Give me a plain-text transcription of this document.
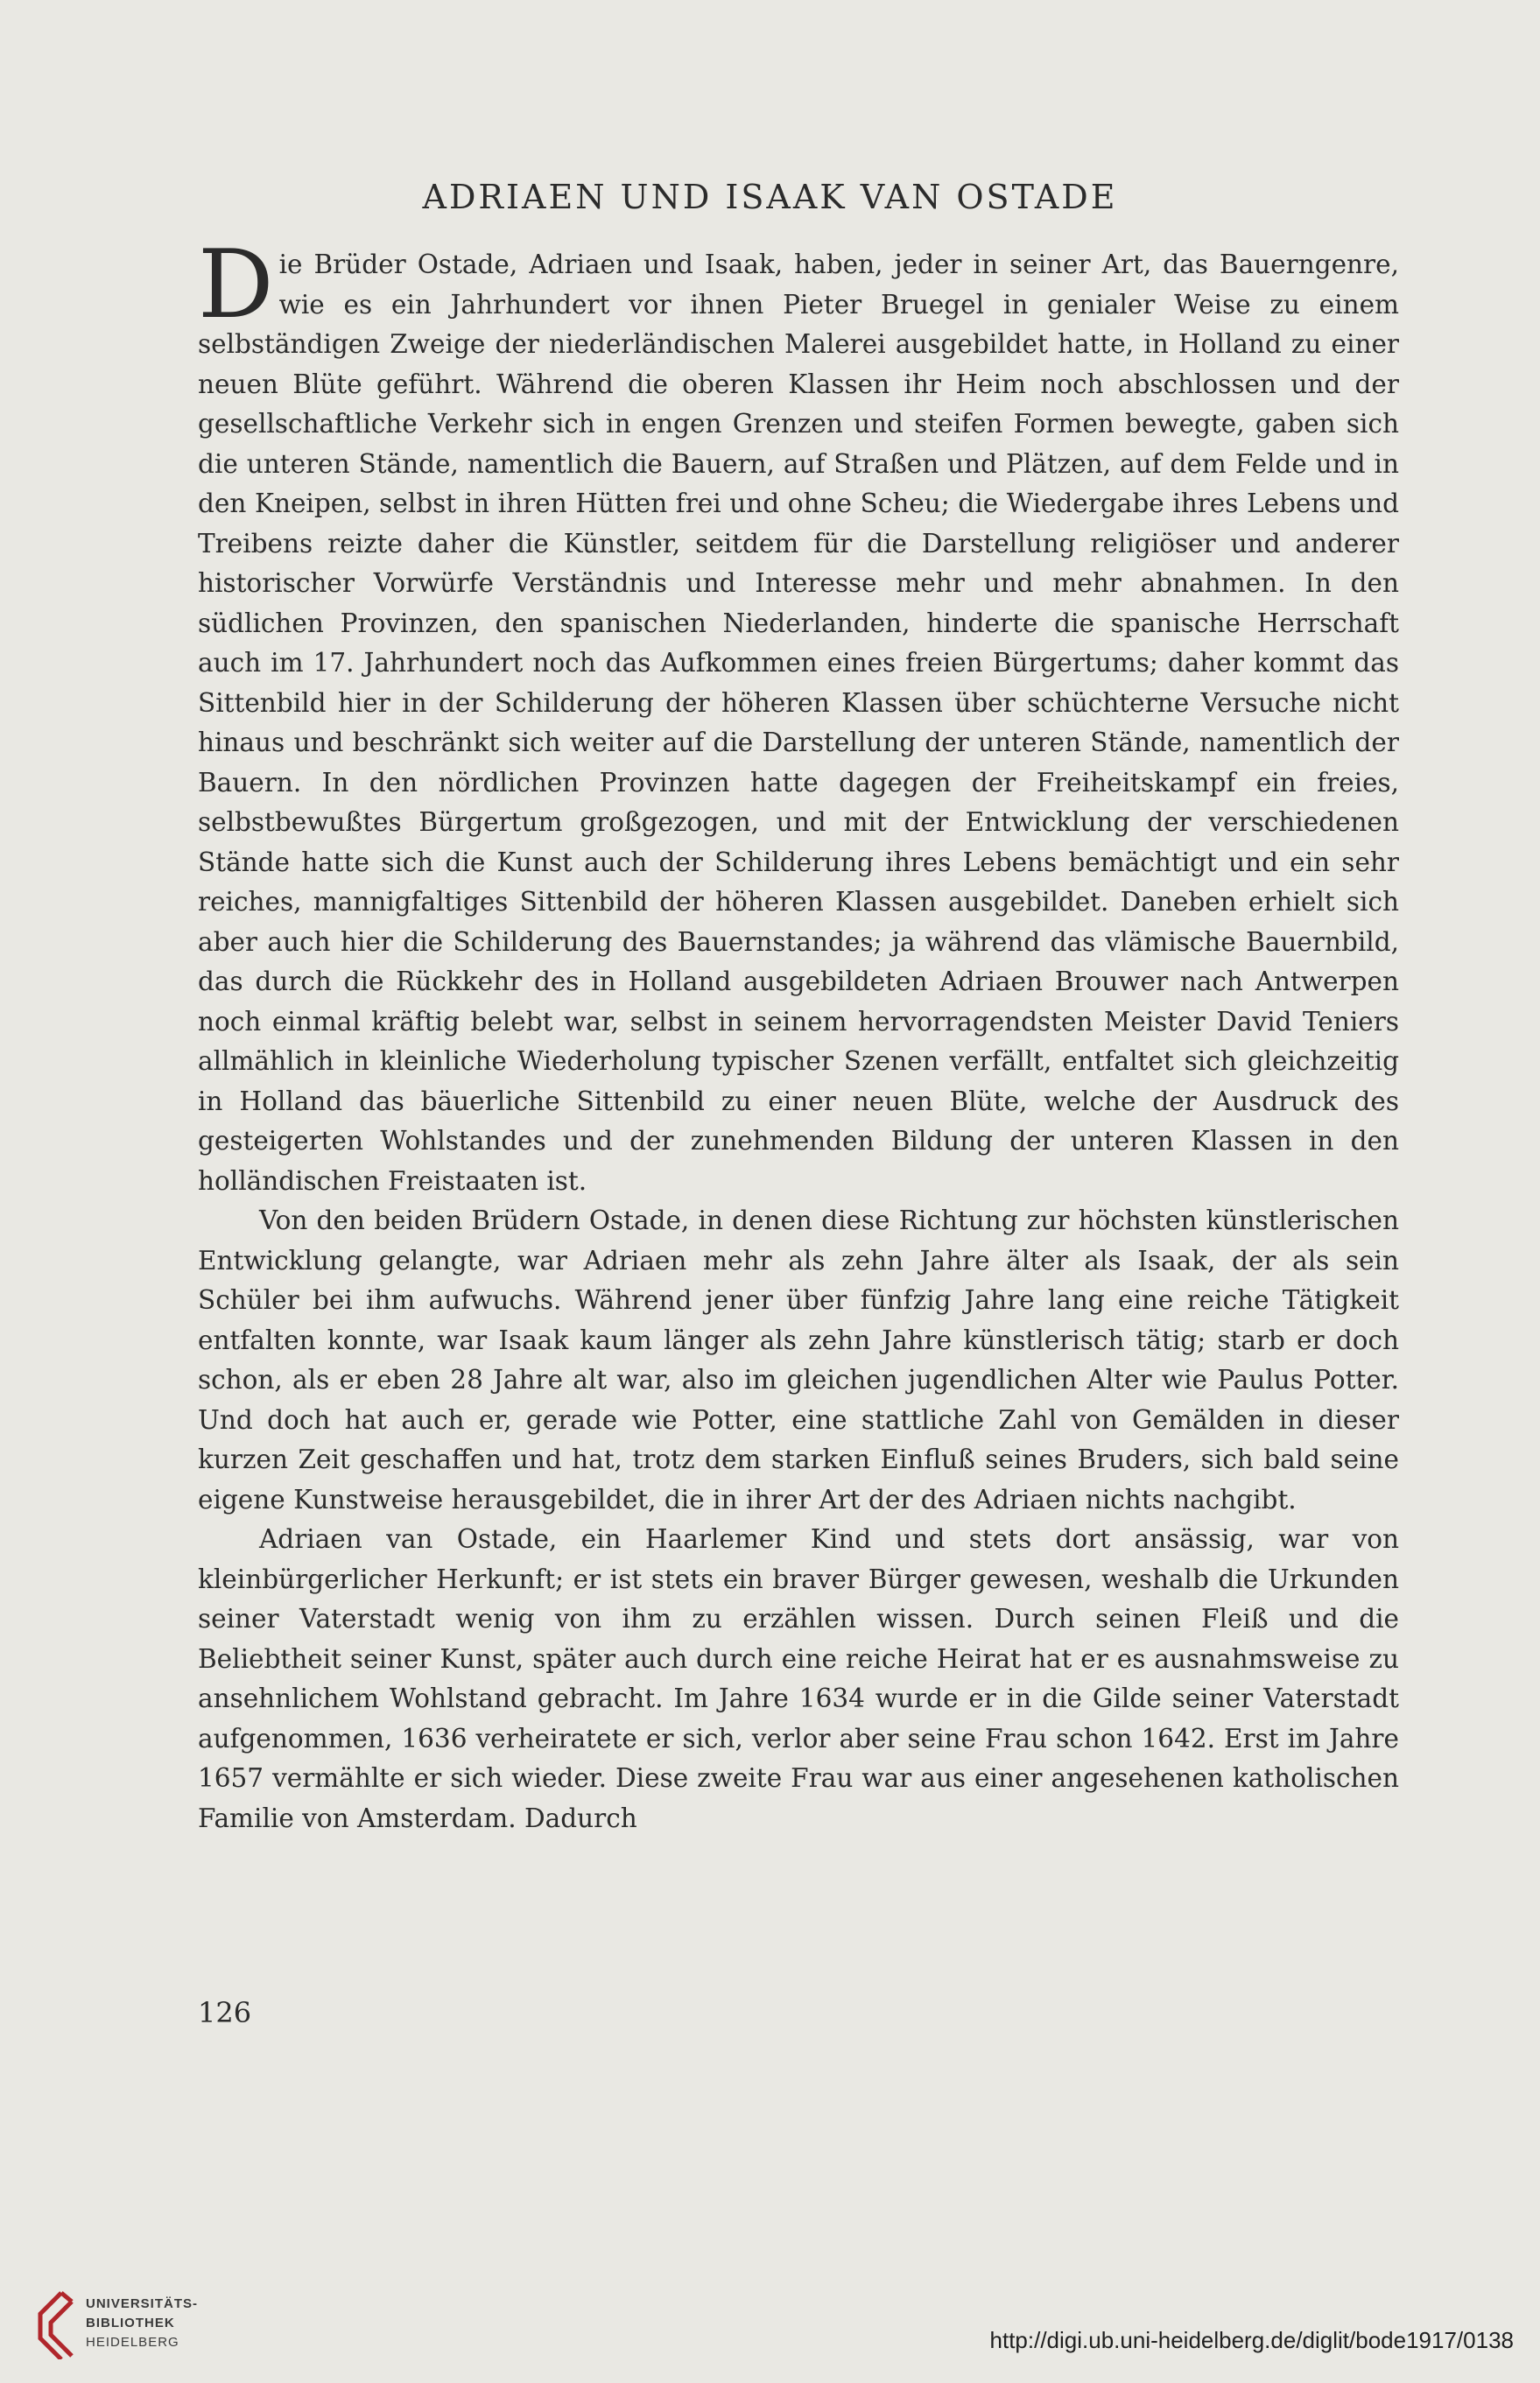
ADRIAEN UND ISAAK VAN OSTADE

Die Brüder Ostade, Adriaen und Isaak, haben, jeder in seiner Art, das Bauerngenre, wie es ein Jahrhundert vor ihnen Pieter Bruegel in genialer Weise zu einem selbständigen Zweige der niederländischen Malerei ausgebildet hatte, in Holland zu einer neuen Blüte geführt. Während die oberen Klassen ihr Heim noch abschlossen und der gesellschaftliche Verkehr sich in engen Grenzen und steifen Formen bewegte, gaben sich die unteren Stände, namentlich die Bauern, auf Straßen und Plätzen, auf dem Felde und in den Kneipen, selbst in ihren Hütten frei und ohne Scheu; die Wiedergabe ihres Lebens und Treibens reizte daher die Künstler, seitdem für die Darstellung religiöser und anderer historischer Vorwürfe Verständnis und Interesse mehr und mehr abnahmen. In den südlichen Provinzen, den spanischen Niederlanden, hinderte die spanische Herrschaft auch im 17. Jahrhundert noch das Aufkommen eines freien Bürgertums; daher kommt das Sittenbild hier in der Schilderung der höheren Klassen über schüchterne Versuche nicht hinaus und beschränkt sich weiter auf die Darstellung der unteren Stände, namentlich der Bauern. In den nördlichen Provinzen hatte dagegen der Freiheitskampf ein freies, selbstbewußtes Bürgertum großgezogen, und mit der Entwicklung der verschiedenen Stände hatte sich die Kunst auch der Schilderung ihres Lebens bemächtigt und ein sehr reiches, mannigfaltiges Sittenbild der höheren Klassen ausgebildet. Daneben erhielt sich aber auch hier die Schilderung des Bauernstandes; ja während das vlämische Bauernbild, das durch die Rückkehr des in Holland ausgebildeten Adriaen Brouwer nach Antwerpen noch einmal kräftig belebt war, selbst in seinem hervorragendsten Meister David Teniers allmählich in kleinliche Wiederholung typischer Szenen verfällt, entfaltet sich gleichzeitig in Holland das bäuerliche Sittenbild zu einer neuen Blüte, welche der Ausdruck des gesteigerten Wohlstandes und der zunehmenden Bildung der unteren Klassen in den holländischen Freistaaten ist.

Von den beiden Brüdern Ostade, in denen diese Richtung zur höchsten künstlerischen Entwicklung gelangte, war Adriaen mehr als zehn Jahre älter als Isaak, der als sein Schüler bei ihm aufwuchs. Während jener über fünfzig Jahre lang eine reiche Tätigkeit entfalten konnte, war Isaak kaum länger als zehn Jahre künstlerisch tätig; starb er doch schon, als er eben 28 Jahre alt war, also im gleichen jugendlichen Alter wie Paulus Potter. Und doch hat auch er, gerade wie Potter, eine stattliche Zahl von Gemälden in dieser kurzen Zeit geschaffen und hat, trotz dem starken Einfluß seines Bruders, sich bald seine eigene Kunstweise herausgebildet, die in ihrer Art der des Adriaen nichts nachgibt.

Adriaen van Ostade, ein Haarlemer Kind und stets dort ansässig, war von kleinbürgerlicher Herkunft; er ist stets ein braver Bürger gewesen, weshalb die Urkunden seiner Vaterstadt wenig von ihm zu erzählen wissen. Durch seinen Fleiß und die Beliebtheit seiner Kunst, später auch durch eine reiche Heirat hat er es ausnahmsweise zu ansehnlichem Wohlstand gebracht. Im Jahre 1634 wurde er in die Gilde seiner Vaterstadt aufgenommen, 1636 verheiratete er sich, verlor aber seine Frau schon 1642. Erst im Jahre 1657 vermählte er sich wieder. Diese zweite Frau war aus einer angesehenen katholischen Familie von Amsterdam. Dadurch

126
UNIVERSITÄTS-
BIBLIOTHEK
HEIDELBERG	http://digi.ub.uni-heidelberg.de/diglit/bode1917/0138
